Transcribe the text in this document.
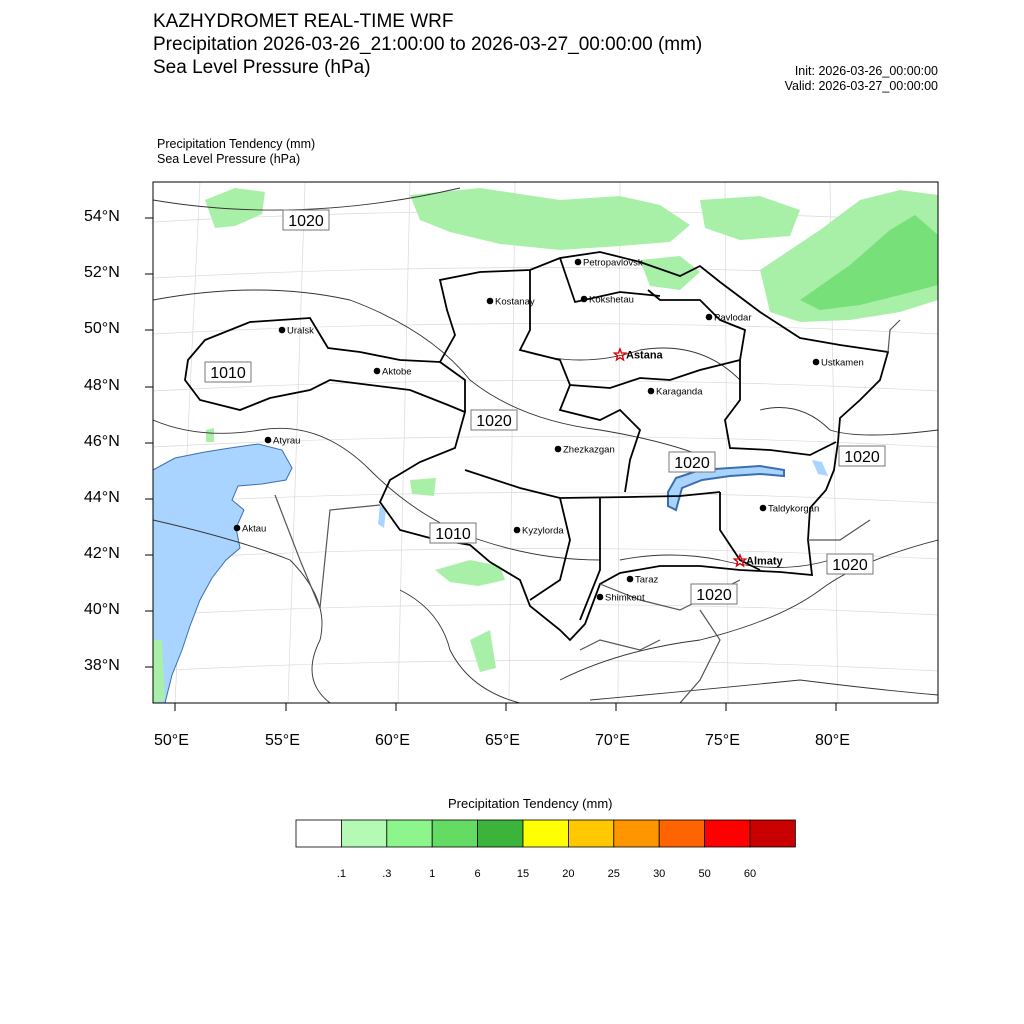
KAZHYDROMET REAL-TIME WRF
Precipitation 2026-03-26_21:00:00 to 2026-03-27_00:00:00 (mm)
Sea Level Pressure (hPa)	Init: 2026-03-26_00:00:00
Valid: 2026-03-27_00:00:00
Precipitation Tendency (mm)
Sea Level Pressure (hPa)
1020
1010
1020
1020	1020
1010
1020
1020
Petropavlovsk
Kostanay	Kokshetau
Pavlodar
Uralsk
Astana
Aktobe
Ustkamen
Karaganda
Atyrau
Zhezkazgan
Aktau	Kyzylorda
Taldykorgan
Almaty
Taraz
Shimkent
54°N
52°N
50°N
48°N
46°N
44°N
42°N
40°N
38°N
50°E	55°E	60°E	65°E	70°E	75°E	80°E
Precipitation Tendency (mm)
.1	.3	1	6	15	20	25	30	50	60
